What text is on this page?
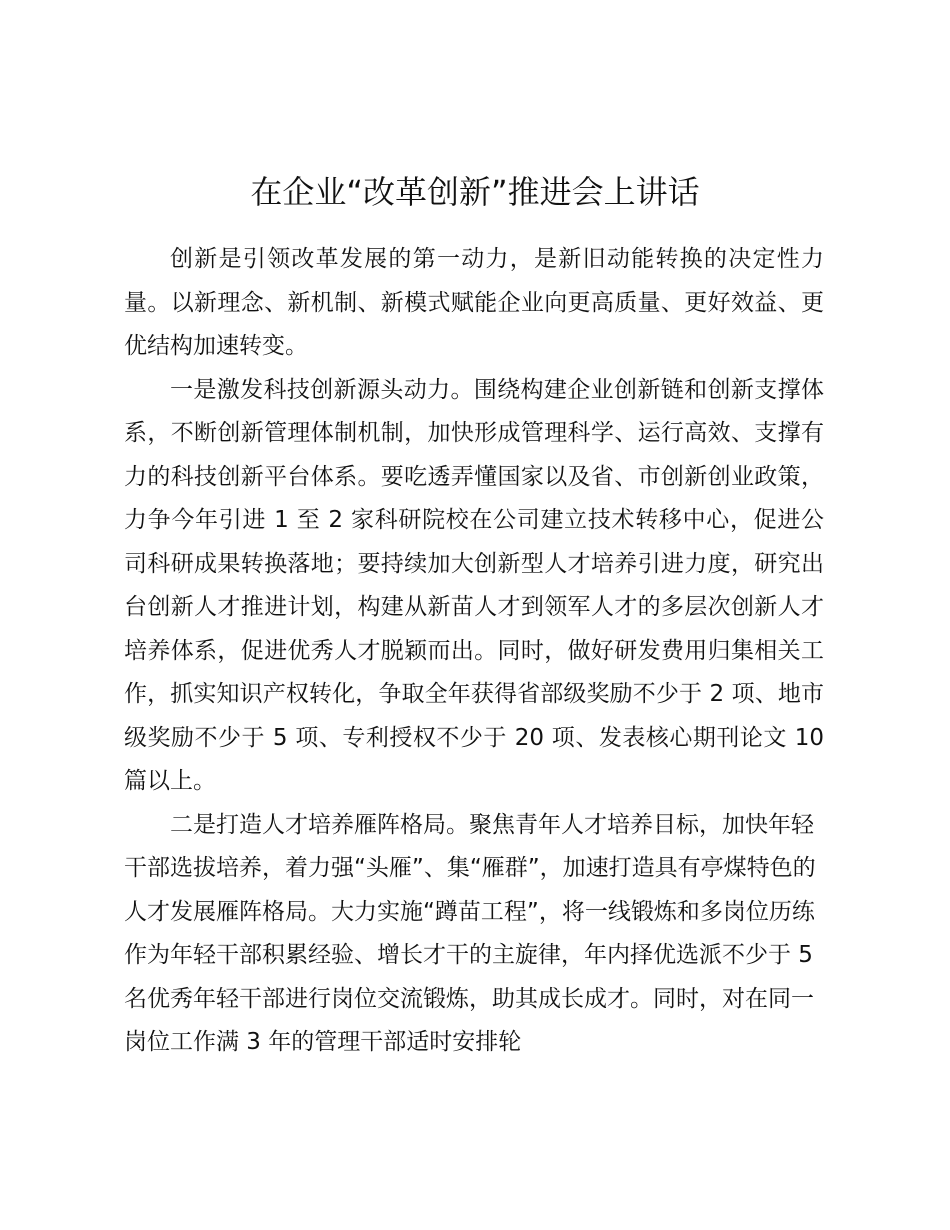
在企业“改革创新”推进会上讲话

创新是引领改革发展的第一动力，是新旧动能转换的决定性力量。以新理念、新机制、新模式赋能企业向更高质量、更好效益、更优结构加速转变。

一是激发科技创新源头动力。围绕构建企业创新链和创新支撑体系，不断创新管理体制机制，加快形成管理科学、运行高效、支撑有力的科技创新平台体系。要吃透弄懂国家以及省、市创新创业政策，力争今年引进 1 至 2 家科研院校在公司建立技术转移中心，促进公司科研成果转换落地；要持续加大创新型人才培养引进力度，研究出台创新人才推进计划，构建从新苗人才到领军人才的多层次创新人才培养体系，促进优秀人才脱颖而出。同时，做好研发费用归集相关工作，抓实知识产权转化，争取全年获得省部级奖励不少于 2 项、地市级奖励不少于 5 项、专利授权不少于 20 项、发表核心期刊论文 10 篇以上。

二是打造人才培养雁阵格局。聚焦青年人才培养目标，加快年轻干部选拔培养，着力强“头雁”、集“雁群”，加速打造具有亭煤特色的人才发展雁阵格局。大力实施“蹲苗工程”，将一线锻炼和多岗位历练作为年轻干部积累经验、增长才干的主旋律，年内择优选派不少于 5 名优秀年轻干部进行岗位交流锻炼，助其成长成才。同时，对在同一岗位工作满 3 年的管理干部适时安排轮
